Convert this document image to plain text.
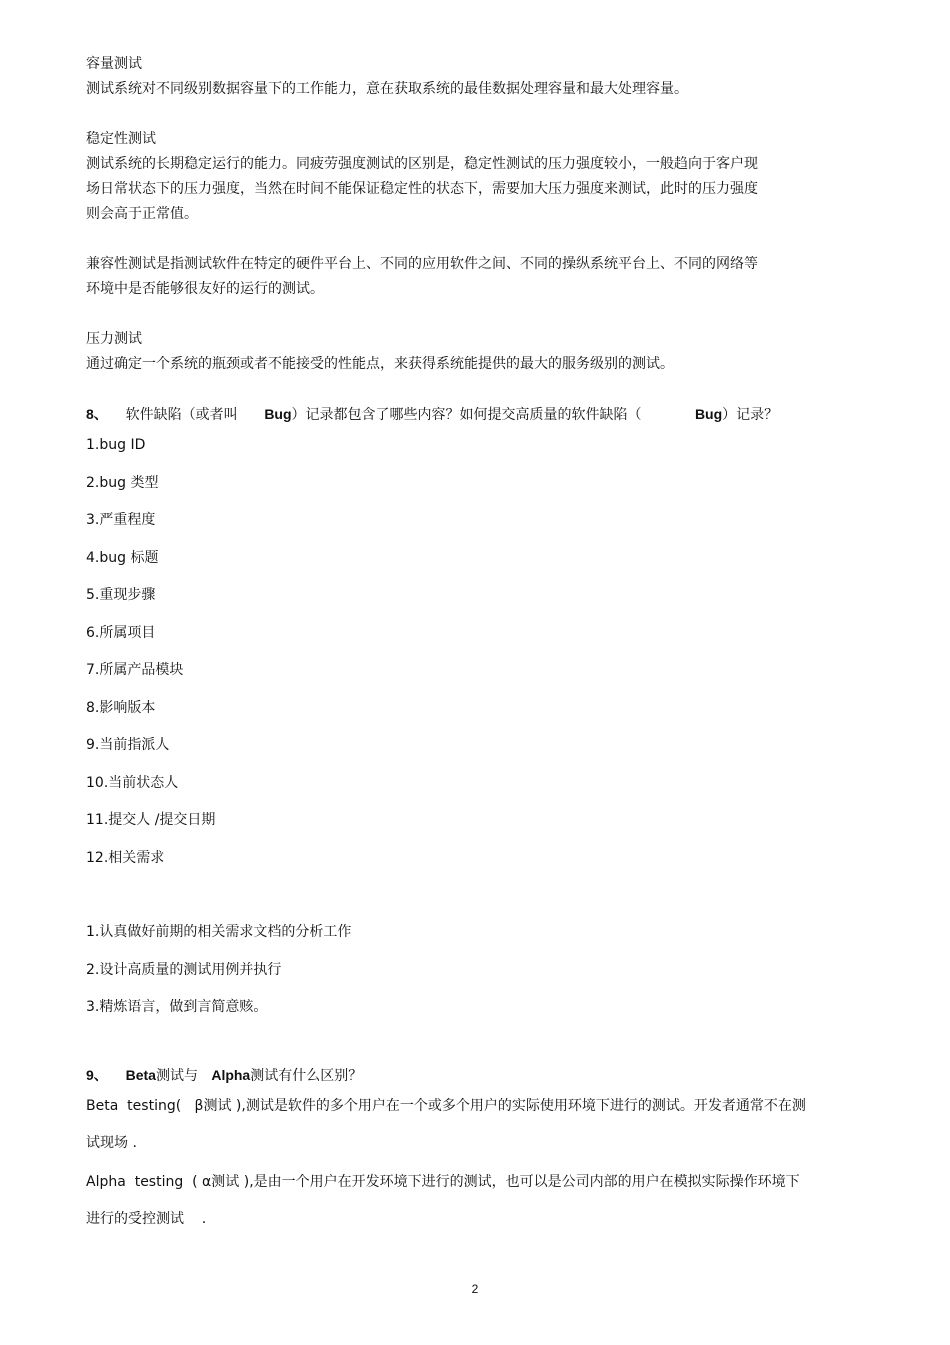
容量测试
测试系统对不同级别数据容量下的工作能力，意在获取系统的最佳数据处理容量和最大处理容量。
稳定性测试
测试系统的长期稳定运行的能力。同疲劳强度测试的区别是，稳定性测试的压力强度较小，一般趋向于客户现
场日常状态下的压力强度，当然在时间不能保证稳定性的状态下，需要加大压力强度来测试，此时的压力强度
则会高于正常值。
兼容性测试是指测试软件在特定的硬件平台上、不同的应用软件之间、不同的操纵系统平台上、不同的网络等
环境中是否能够很友好的运行的测试。
压力测试
通过确定一个系统的瓶颈或者不能接受的性能点，来获得系统能提供的最大的服务级别的测试。
8、 软件缺陷（或者叫 Bug）记录都包含了哪些内容？如何提交高质量的软件缺陷（	Bug）记录？
1.bug ID
2.bug 类型
3.严重程度
4.bug 标题
5.重现步骤
6.所属项目
7.所属产品模块
8.影响版本
9.当前指派人
10.当前状态人
11.提交人 /提交日期
12.相关需求
1.认真做好前期的相关需求文档的分析工作
2.设计高质量的测试用例并执行
3.精炼语言，做到言简意赅。
9、 Beta测试与 Alpha测试有什么区别？
Beta  testing(   β测试 ),测试是软件的多个用户在一个或多个用户的实际使用环境下进行的测试。开发者通常不在测
试现场 .
Alpha  testing  ( α测试 ),是由一个用户在开发环境下进行的测试，也可以是公司内部的用户在模拟实际操作环境下
进行的受控测试    .
2
